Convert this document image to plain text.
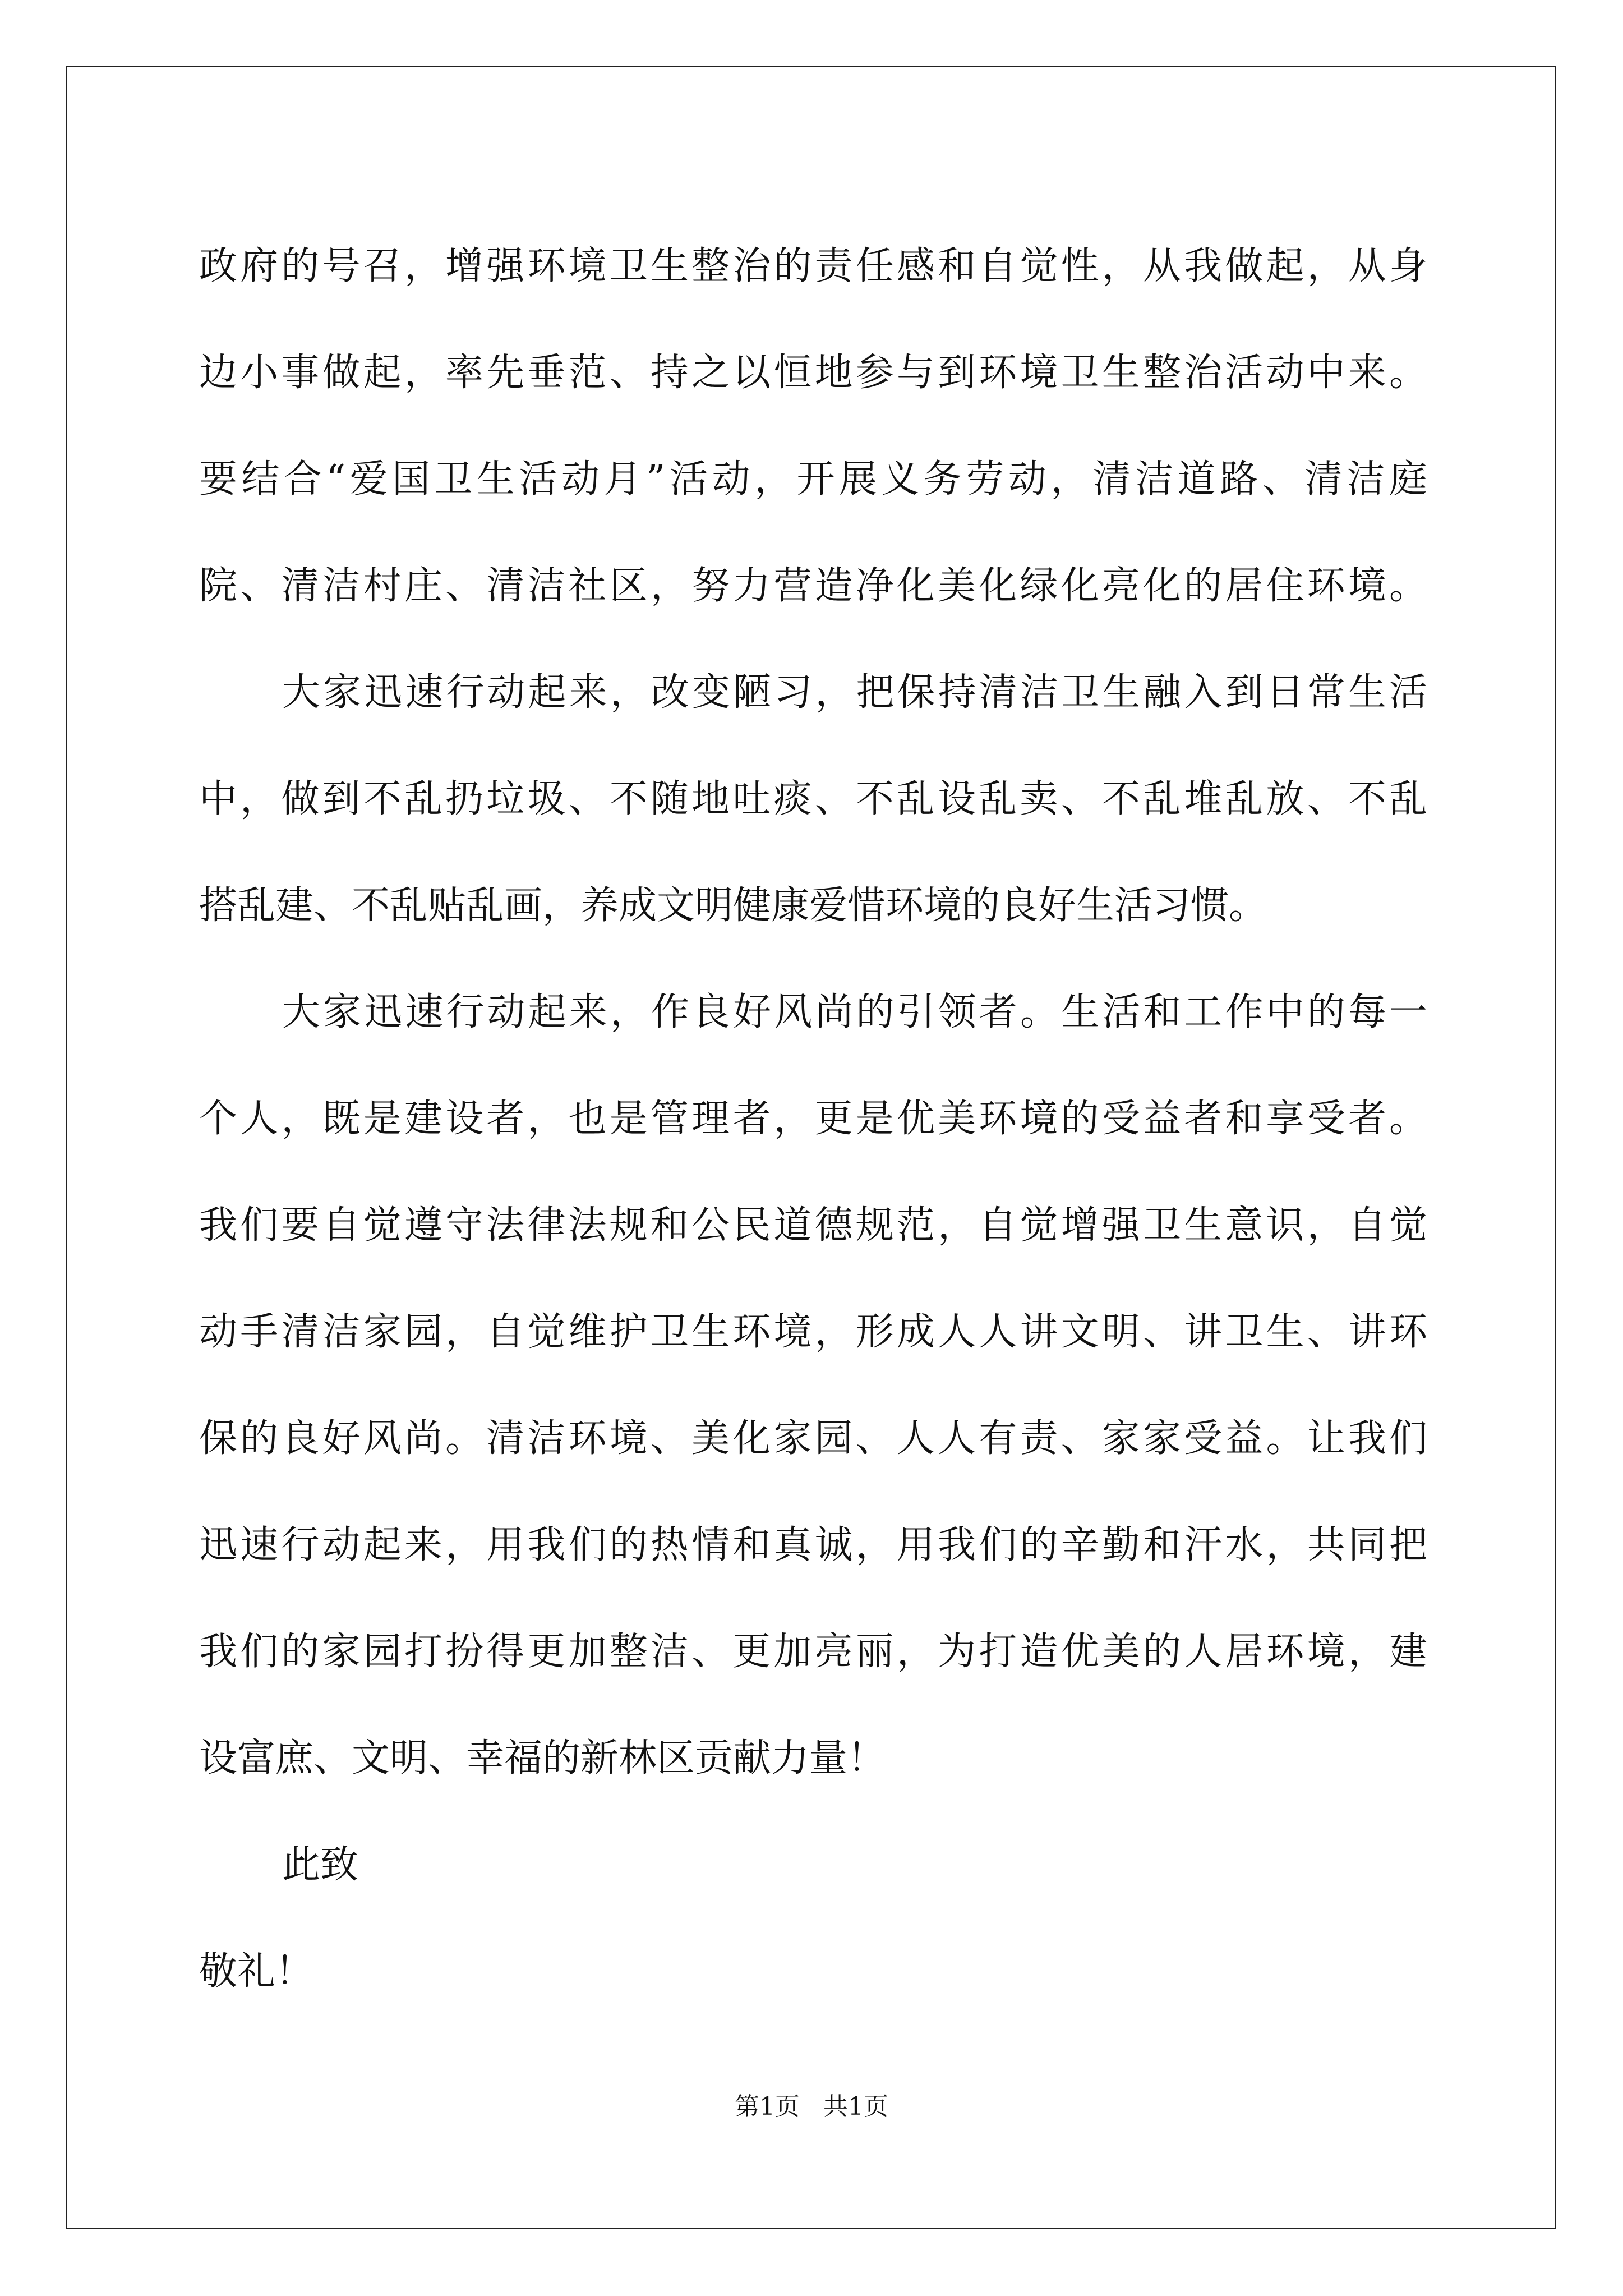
政府的号召，增强环境卫生整治的责任感和自觉性，从我做起，从身
边小事做起，率先垂范、持之以恒地参与到环境卫生整治活动中来。
要结合“爱国卫生活动月”活动，开展义务劳动，清洁道路、清洁庭
院、清洁村庄、清洁社区，努力营造净化美化绿化亮化的居住环境。
大家迅速行动起来，改变陋习，把保持清洁卫生融入到日常生活
中，做到不乱扔垃圾、不随地吐痰、不乱设乱卖、不乱堆乱放、不乱
搭乱建、不乱贴乱画，养成文明健康爱惜环境的良好生活习惯。
大家迅速行动起来，作良好风尚的引领者。生活和工作中的每一
个人，既是建设者，也是管理者，更是优美环境的受益者和享受者。
我们要自觉遵守法律法规和公民道德规范，自觉增强卫生意识，自觉
动手清洁家园，自觉维护卫生环境，形成人人讲文明、讲卫生、讲环
保的良好风尚。清洁环境、美化家园、人人有责、家家受益。让我们
迅速行动起来，用我们的热情和真诚，用我们的辛勤和汗水，共同把
我们的家园打扮得更加整洁、更加亮丽，为打造优美的人居环境，建
设富庶、文明、幸福的新林区贡献力量！
此致
敬礼！
第1页   共1页
